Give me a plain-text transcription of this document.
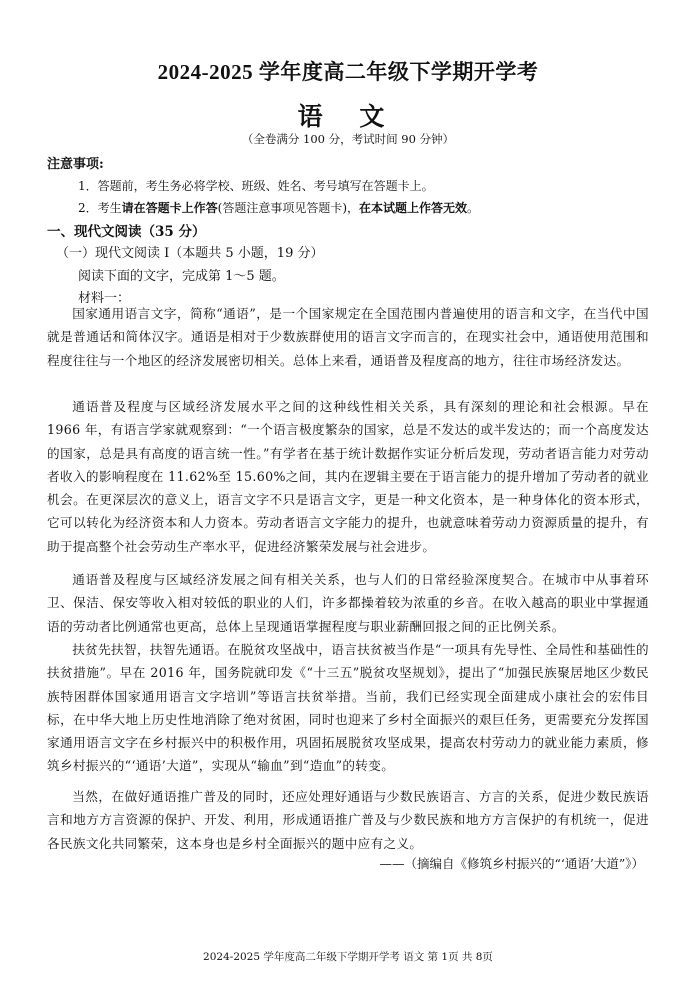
2024-2025 学年度高二年级下学期开学考
语 文
（全卷满分 100 分，考试时间 90 分钟）
注意事项:
1．答题前，考生务必将学校、班级、姓名、考号填写在答题卡上。
2．考生请在答题卡上作答(答题注意事项见答题卡)，在本试题上作答无效。
一、现代文阅读（35 分）
（一）现代文阅读 I（本题共 5 小题，19 分）
阅读下面的文字，完成第 1～5 题。
材料一：

国家通用语言文字，简称“通语”，是一个国家规定在全国范围内普遍使用的语言和文字，在当代中国就是普通话和简体汉字。通语是相对于少数族群使用的语言文字而言的，在现实社会中，通语使用范围和程度往往与一个地区的经济发展密切相关。总体上来看，通语普及程度高的地方，往往市场经济发达。

通语普及程度与区域经济发展水平之间的这种线性相关关系，具有深刻的理论和社会根源。早在 1966 年，有语言学家就观察到：“一个语言极度繁杂的国家，总是不发达的或半发达的；而一个高度发达的国家，总是具有高度的语言统一性。”有学者在基于统计数据作实证分析后发现，劳动者语言能力对劳动者收入的影响程度在 11.62%至 15.60%之间，其内在逻辑主要在于语言能力的提升增加了劳动者的就业机会。在更深层次的意义上，语言文字不只是语言文字，更是一种文化资本，是一种身体化的资本形式，它可以转化为经济资本和人力资本。劳动者语言文字能力的提升，也就意味着劳动力资源质量的提升，有助于提高整个社会劳动生产率水平，促进经济繁荣发展与社会进步。

通语普及程度与区域经济发展之间有相关关系，也与人们的日常经验深度契合。在城市中从事着环卫、保洁、保安等收入相对较低的职业的人们，许多都操着较为浓重的乡音。在收入越高的职业中掌握通语的劳动者比例通常也更高，总体上呈现通语掌握程度与职业薪酬回报之间的正比例关系。

扶贫先扶智，扶智先通语。在脱贫攻坚战中，语言扶贫被当作是“一项具有先导性、全局性和基础性的扶贫措施”。早在 2016 年，国务院就印发《“十三五”脱贫攻坚规划》，提出了“加强民族聚居地区少数民族特困群体国家通用语言文字培训”等语言扶贫举措。当前，我们已经实现全面建成小康社会的宏伟目标，在中华大地上历史性地消除了绝对贫困，同时也迎来了乡村全面振兴的艰巨任务，更需要充分发挥国家通用语言文字在乡村振兴中的积极作用，巩固拓展脱贫攻坚成果，提高农村劳动力的就业能力素质，修筑乡村振兴的“‘通语’大道”，实现从“输血”到“造血”的转变。

当然，在做好通语推广普及的同时，还应处理好通语与少数民族语言、方言的关系，促进少数民族语言和地方方言资源的保护、开发、利用，形成通语推广普及与少数民族和地方方言保护的有机统一，促进各民族文化共同繁荣，这本身也是乡村全面振兴的题中应有之义。

——（摘编自《修筑乡村振兴的“‘通语’大道”》）
2024-2025 学年度高二年级下学期开学考 语文 第 1页 共 8页
